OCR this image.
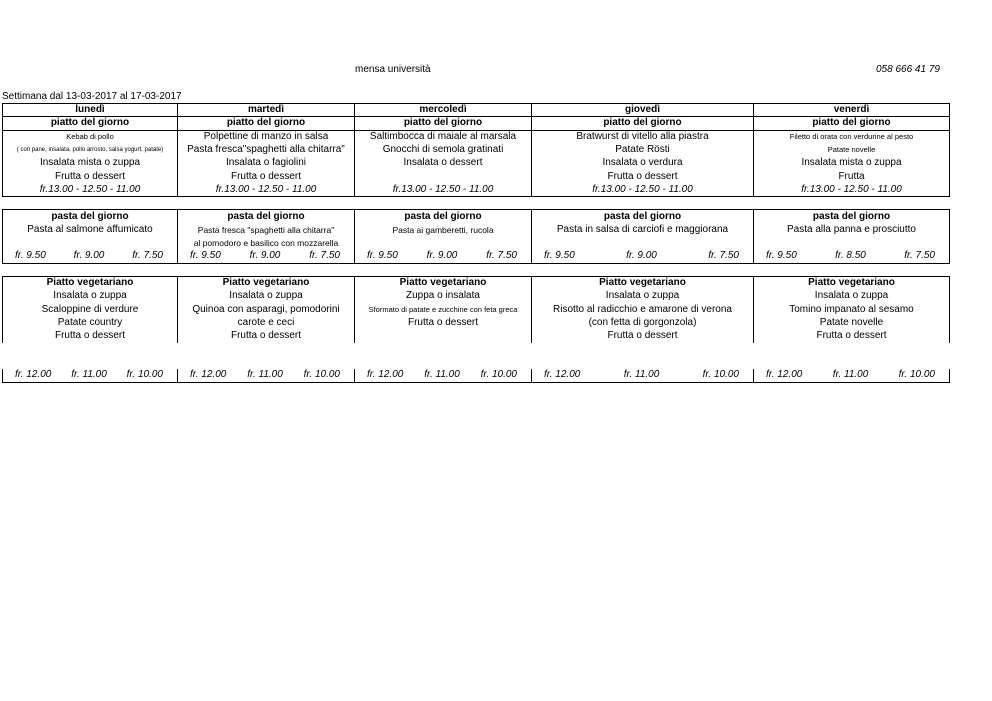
mensa università	058 666 41 79
Settimana dal 13-03-2017 al 17-03-2017
lunedì	martedì	mercoledì	giovedì	venerdì
piatto del giorno	piatto del giorno	piatto del giorno	piatto del giorno	piatto del giorno
Kebab di pollo	Polpettine di manzo in salsa	Saltimbocca di maiale al marsala	Bratwurst di vitello alla piastra	Filetto di orata con verdurine al pesto
( con pane, insalata, pollo arrosto, salsa yogurt, patate)	Pasta fresca"spaghetti alla chitarra"	Gnocchi di semola gratinati	Patate Rösti	Patate novelle
Insalata mista o zuppa	Insalata o fagiolini	Insalata o dessert	Insalata o verdura	Insalata mista o zuppa
Frutta o dessert	Frutta o dessert		Frutta o dessert	Frutta
fr.13.00 - 12.50 - 11.00	fr.13.00 - 12.50 - 11.00	fr.13.00 - 12.50 - 11.00	fr.13.00 - 12.50 - 11.00	fr.13.00 - 12.50 - 11.00

pasta del giorno	pasta del giorno	pasta del giorno	pasta del giorno	pasta del giorno
Pasta al salmone affumicato	Pasta fresca "spaghetti alla chitarra"	Pasta ai gamberetti, rucola	Pasta in salsa di carciofi e maggiorana	Pasta alla panna e prosciutto
	al pomodoro e basilico con mozzarella			

fr. 9.50 fr. 9.00 fr. 7.50	fr. 9.50 fr. 9.00 fr. 7.50	fr. 9.50 fr. 9.00 fr. 7.50	fr. 9.50 fr. 9.00 fr. 7.50	fr. 9.50 fr. 8.50 fr. 7.50

Piatto vegetariano	Piatto vegetariano	Piatto vegetariano	Piatto vegetariano	Piatto vegetariano
Insalata o zuppa	Insalata o zuppa	Zuppa o insalata	Insalata o zuppa	Insalata o zuppa
Scaloppine di verdure	Quinoa con asparagi, pomodorini	Sformato di patate e zucchine con feta greca	Risotto al radicchio e amarone di verona	Tomino impanato al sesamo
Patate country	carote e ceci	Frutta o dessert	(con fetta di gorgonzola)	Patate novelle
Frutta o dessert	Frutta o dessert		Frutta o dessert	Frutta o dessert

fr. 12.00 fr. 11.00 fr. 10.00	fr. 12.00 fr. 11.00 fr. 10.00	fr. 12.00 fr. 11.00 fr. 10.00	fr. 12.00 fr. 11.00 fr. 10.00	fr. 12.00 fr. 11.00 fr. 10.00
